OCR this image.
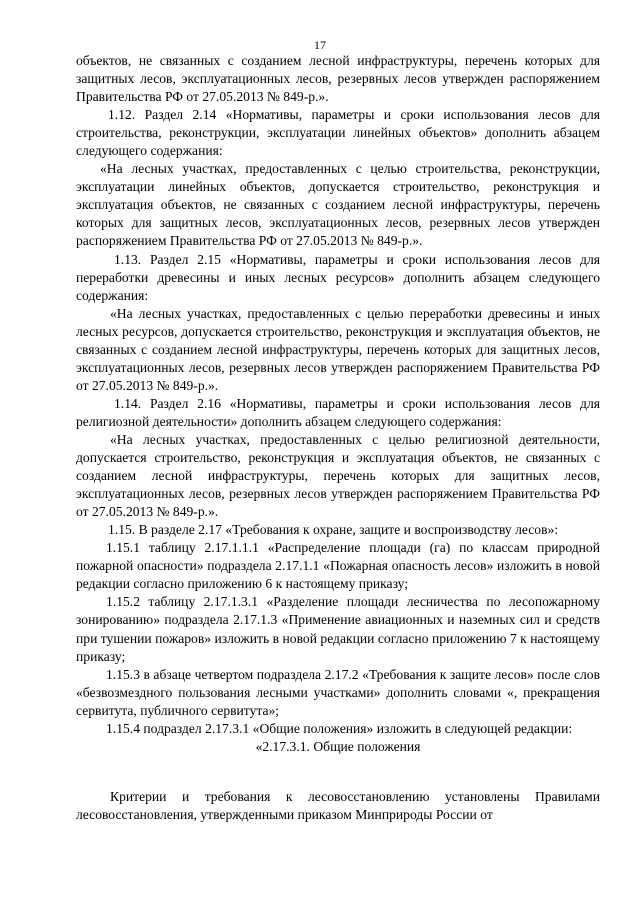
17

объектов, не связанных с созданием лесной инфраструктуры, перечень которых для защитных лесов, эксплуатационных лесов, резервных лесов утвержден распоряжением Правительства РФ от 27.05.2013 № 849-р.».

1.12. Раздел 2.14 «Нормативы, параметры и сроки использования лесов для строительства, реконструкции, эксплуатации линейных объектов» дополнить абзацем следующего содержания:

«На лесных участках, предоставленных с целью строительства, реконструкции, эксплуатации линейных объектов, допускается строительство, реконструкция и эксплуатация объектов, не связанных с созданием лесной инфраструктуры, перечень которых для защитных лесов, эксплуатационных лесов, резервных лесов утвержден распоряжением Правительства РФ от 27.05.2013 № 849-р.».

1.13. Раздел 2.15 «Нормативы, параметры и сроки использования лесов для переработки древесины и иных лесных ресурсов» дополнить абзацем следующего содержания:

«На лесных участках, предоставленных с целью переработки древесины и иных лесных ресурсов, допускается строительство, реконструкция и эксплуатация объектов, не связанных с созданием лесной инфраструктуры, перечень которых для защитных лесов, эксплуатационных лесов, резервных лесов утвержден распоряжением Правительства РФ от 27.05.2013 № 849-р.».

1.14. Раздел 2.16 «Нормативы, параметры и сроки использования лесов для религиозной деятельности» дополнить абзацем следующего содержания:

«На лесных участках, предоставленных с целью религиозной деятельности, допускается строительство, реконструкция и эксплуатация объектов, не связанных с созданием лесной инфраструктуры, перечень которых для защитных лесов, эксплуатационных лесов, резервных лесов утвержден распоряжением Правительства РФ от 27.05.2013 № 849-р.».

1.15. В разделе 2.17 «Требования к охране, защите и воспроизводству лесов»:

1.15.1 таблицу 2.17.1.1.1 «Распределение площади (га) по классам природной пожарной опасности» подраздела 2.17.1.1 «Пожарная опасность лесов» изложить в новой редакции согласно приложению 6 к настоящему приказу;

1.15.2 таблицу 2.17.1.3.1 «Разделение площади лесничества по лесопожарному зонированию» подраздела 2.17.1.3 «Применение авиационных и наземных сил и средств при тушении пожаров» изложить в новой редакции согласно приложению 7 к настоящему приказу;

1.15.3 в абзаце четвертом подраздела 2.17.2 «Требования к защите лесов» после слов «безвозмездного пользования лесными участками» дополнить словами «, прекращения сервитута, публичного сервитута»;

1.15.4 подраздел 2.17.3.1 «Общие положения» изложить в следующей редакции:

«2.17.3.1. Общие положения

Критерии и требования к лесовосстановлению установлены Правилами лесовосстановления, утвержденными приказом Минприроды России от
